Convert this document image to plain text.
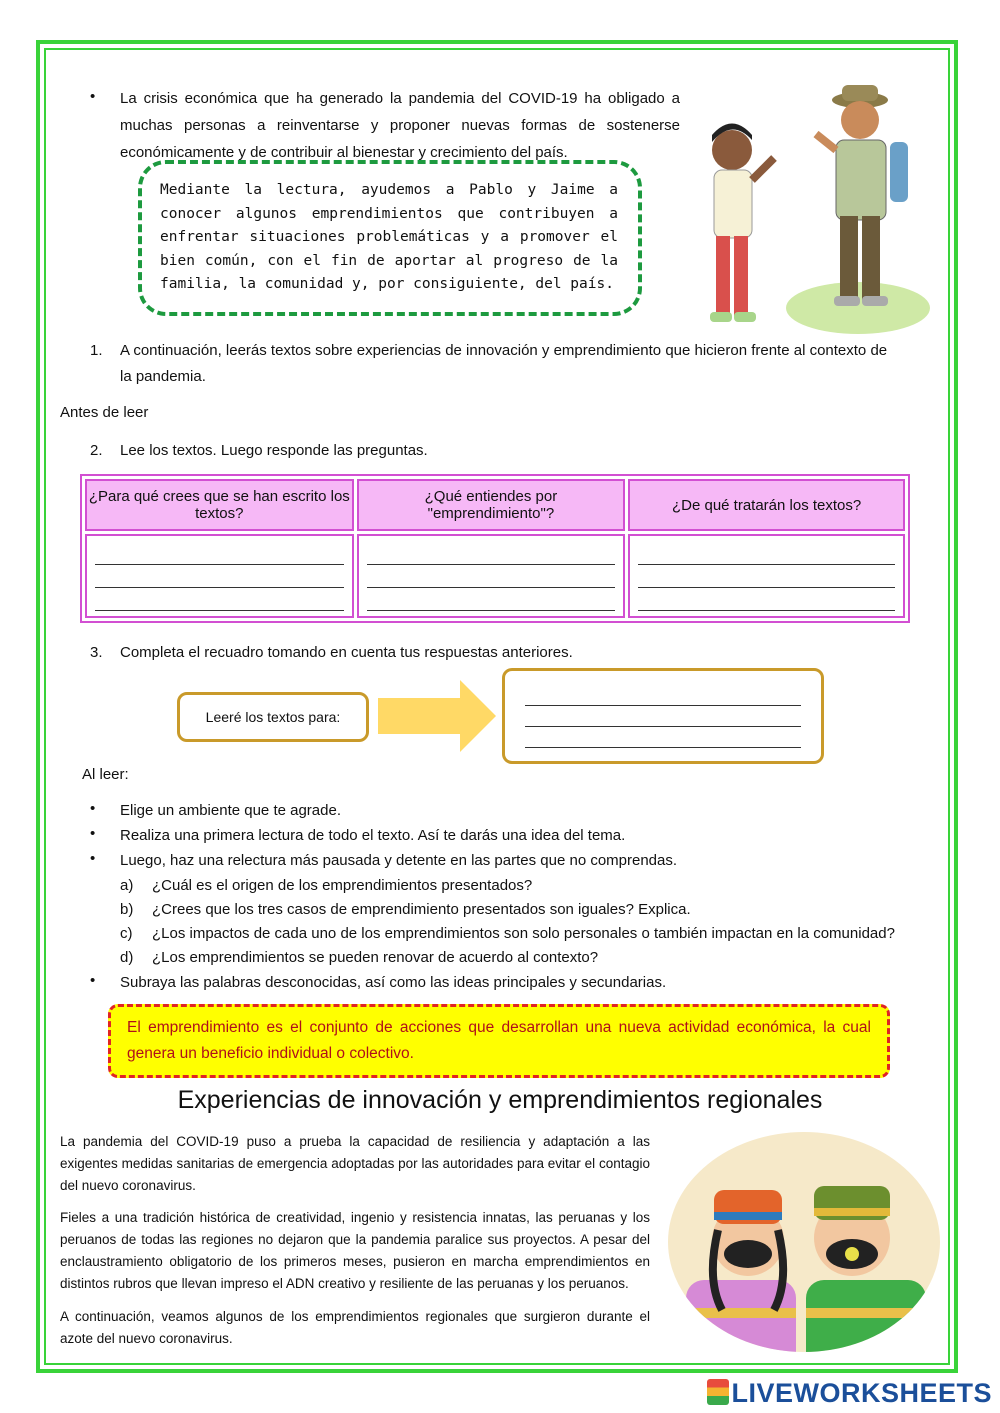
• La crisis económica que ha generado la pandemia del COVID-19 ha obligado a muchas personas a reinventarse y proponer nuevas formas de sostenerse económicamente y de contribuir al bienestar y crecimiento del país.
Mediante la lectura, ayudemos a Pablo y Jaime a conocer algunos emprendimientos que contribuyen a enfrentar situaciones problemáticas y a promover el bien común, con el fin de aportar al progreso de la familia, la comunidad y, por consiguiente, del país.
1. A continuación, leerás textos sobre experiencias de innovación y emprendimiento que hicieron frente al contexto de la pandemia.
Antes de leer
2. Lee los textos. Luego responde las preguntas.
¿Para qué crees que se han escrito los textos?	¿Qué entiendes por "emprendimiento"?	¿De qué tratarán los textos?

3. Completa el recuadro tomando en cuenta tus respuestas anteriores.
Leeré los textos para:
Al leer:
• Elige un ambiente que te agrade.
• Realiza una primera lectura de todo el texto. Así te darás una idea del tema.
• Luego, haz una relectura más pausada y detente en las partes que no comprendas.
a) ¿Cuál es el origen de los emprendimientos presentados?
b) ¿Crees que los tres casos de emprendimiento presentados son iguales? Explica.
c) ¿Los impactos de cada uno de los emprendimientos son solo personales o también impactan en la comunidad?
d) ¿Los emprendimientos se pueden renovar de acuerdo al contexto?
• Subraya las palabras desconocidas, así como las ideas principales y secundarias.
El emprendimiento es el conjunto de acciones que desarrollan una nueva actividad económica, la cual genera un beneficio individual o colectivo.
Experiencias de innovación y emprendimientos regionales
La pandemia del COVID-19 puso a prueba la capacidad de resiliencia y adaptación a las exigentes medidas sanitarias de emergencia adoptadas por las autoridades para evitar el contagio del nuevo coronavirus.
Fieles a una tradición histórica de creatividad, ingenio y resistencia innatas, las peruanas y los peruanos de todas las regiones no dejaron que la pandemia paralice sus proyectos. A pesar del enclaustramiento obligatorio de los primeros meses, pusieron en marcha emprendimientos en distintos rubros que llevan impreso el ADN creativo y resiliente de las peruanas y los peruanos.
A continuación, veamos algunos de los emprendimientos regionales que surgieron durante el azote del nuevo coronavirus.
LIVEWORKSHEETS
